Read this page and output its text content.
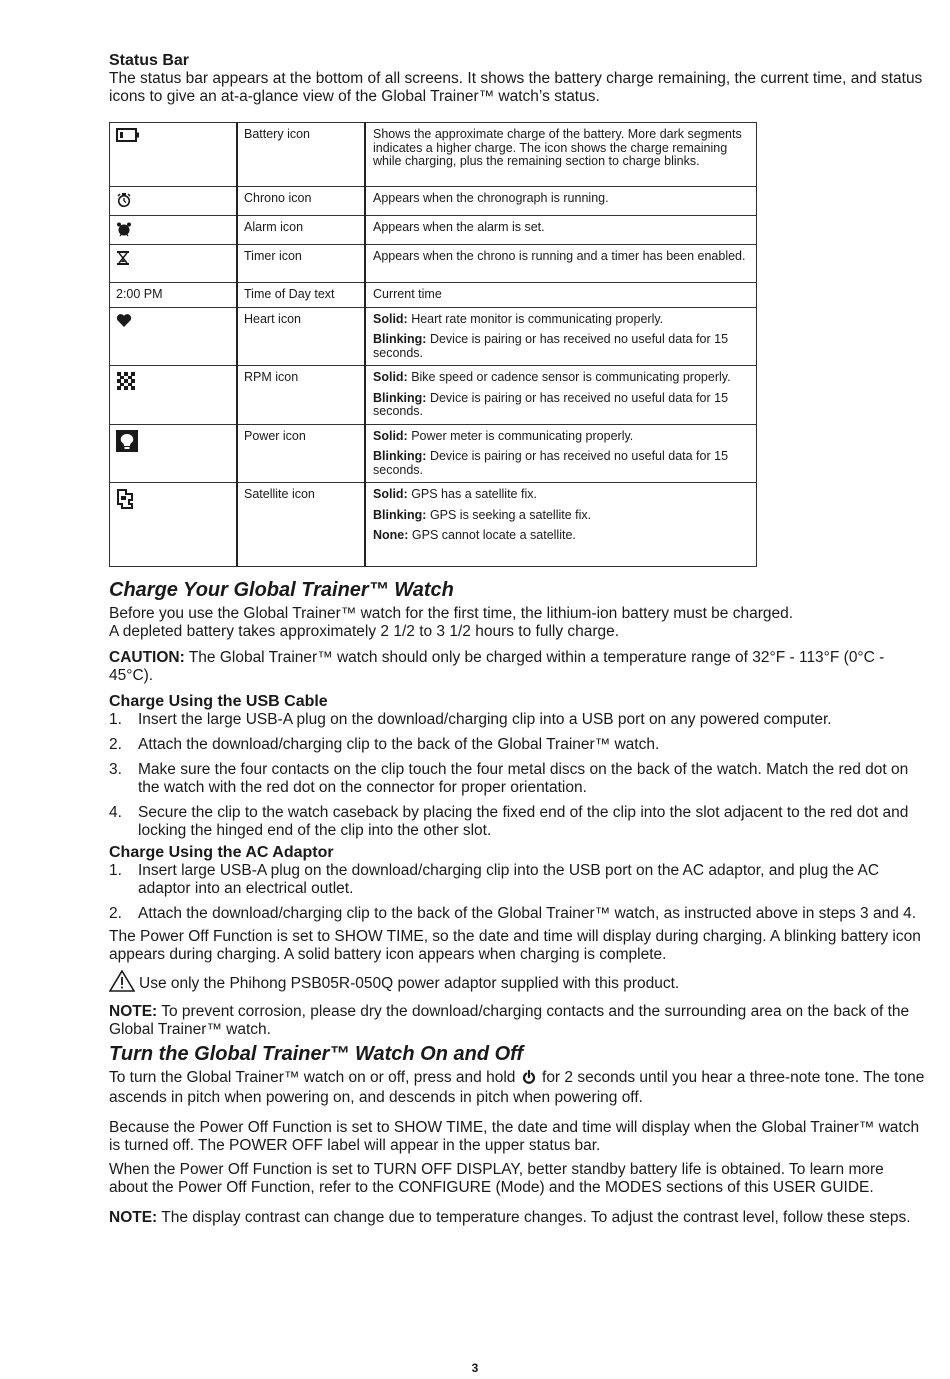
Status Bar

The status bar appears at the bottom of all screens. It shows the battery charge remaining, the current time, and status icons to give an at-a-glance view of the Global Trainer™ watch’s status.

	Battery icon	Shows the approximate charge of the battery. More dark segments indicates a higher charge. The icon shows the charge remaining while charging, plus the remaining section to charge blinks.

	Chrono icon	Appears when the chronograph is running.

	Alarm icon	Appears when the alarm is set.

	Timer icon	Appears when the chrono is running and a timer has been enabled.

2:00 PM	Time of Day text	Current time

	Heart icon	Solid: Heart rate monitor is communicating properly.
Blinking: Device is pairing or has received no useful data for 15 seconds.

	RPM icon	Solid: Bike speed or cadence sensor is communicating properly.
Blinking: Device is pairing or has received no useful data for 15 seconds.

	Power icon	Solid: Power meter is communicating properly.
Blinking: Device is pairing or has received no useful data for 15 seconds.

	Satellite icon	Solid: GPS has a satellite fix.
Blinking: GPS is seeking a satellite fix.
None: GPS cannot locate a satellite.
Charge Your Global Trainer™ Watch

Before you use the Global Trainer™ watch for the first time, the lithium-ion battery must be charged.

A depleted battery takes approximately 2 1/2 to 3 1/2 hours to fully charge.

CAUTION: The Global Trainer™ watch should only be charged within a temperature range of 32°F - 113°F (0°C - 45°C).

Charge Using the USB Cable
1. Insert the large USB-A plug on the download/charging clip into a USB port on any powered computer.
2. Attach the download/charging clip to the back of the Global Trainer™ watch.
3. Make sure the four contacts on the clip touch the four metal discs on the back of the watch. Match the red dot on the watch with the red dot on the connector for proper orientation.
4. Secure the clip to the watch caseback by placing the fixed end of the clip into the slot adjacent to the red dot and locking the hinged end of the clip into the other slot.
Charge Using the AC Adaptor
1. Insert large USB-A plug on the download/charging clip into the USB port on the AC adaptor, and plug the AC adaptor into an electrical outlet.
2. Attach the download/charging clip to the back of the Global Trainer™ watch, as instructed above in steps 3 and 4.

The Power Off Function is set to SHOW TIME, so the date and time will display during charging. A blinking battery icon appears during charging. A solid battery icon appears when charging is complete.

Use only the Phihong PSB05R-050Q power adaptor supplied with this product.

NOTE: To prevent corrosion, please dry the download/charging contacts and the surrounding area on the back of the Global Trainer™ watch.

Turn the Global Trainer™ Watch On and Off

To turn the Global Trainer™ watch on or off, press and hold  for 2 seconds until you hear a three-note tone. The tone ascends in pitch when powering on, and descends in pitch when powering off.

Because the Power Off Function is set to SHOW TIME, the date and time will display when the Global Trainer™ watch is turned off. The POWER OFF label will appear in the upper status bar.

When the Power Off Function is set to TURN OFF DISPLAY, better standby battery life is obtained. To learn more about the Power Off Function, refer to the CONFIGURE (Mode) and the MODES sections of this USER GUIDE.

NOTE: The display contrast can change due to temperature changes. To adjust the contrast level, follow these steps.

3
